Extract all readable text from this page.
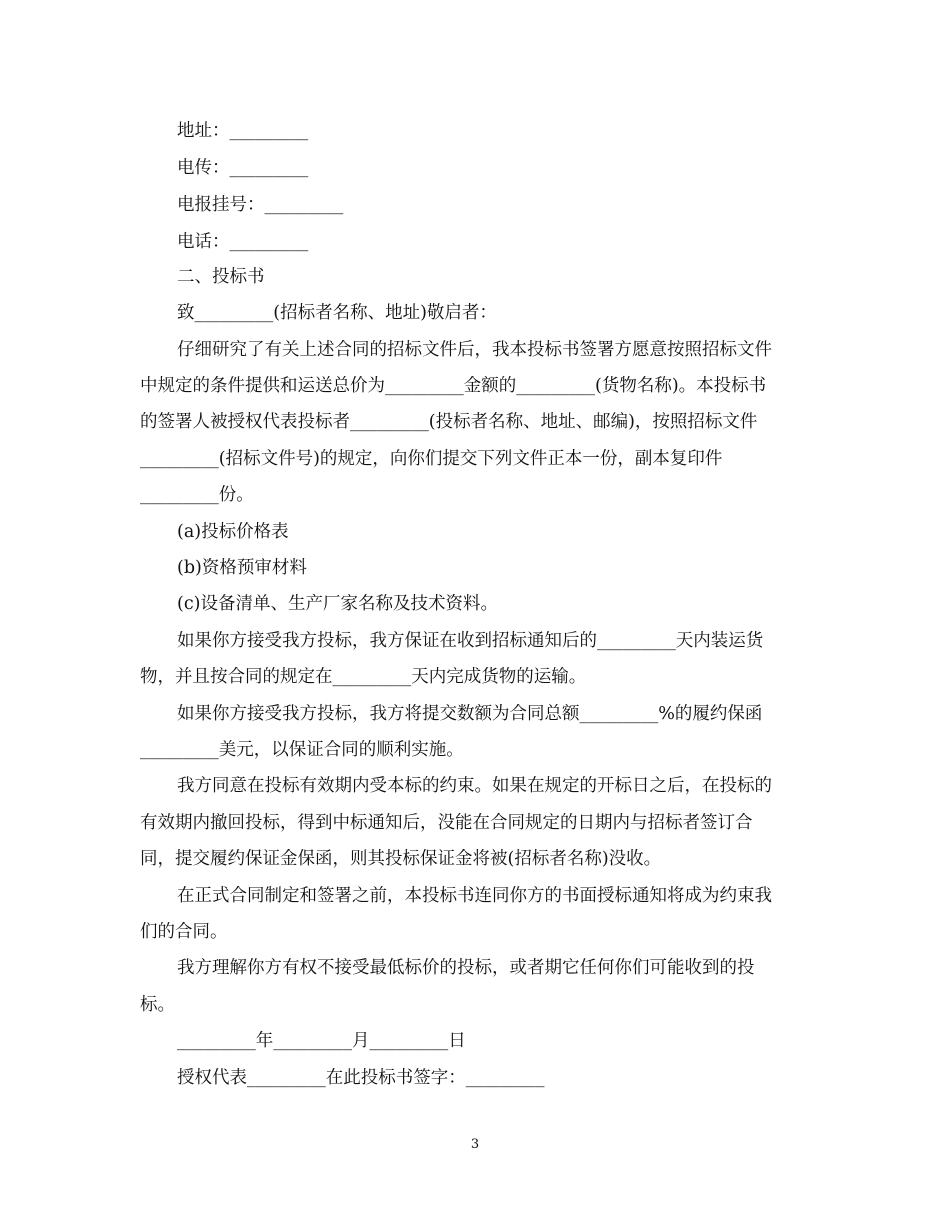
地址：_________
电传：_________
电报挂号：_________
电话：_________
二、投标书
致_________(招标者名称、地址)敬启者：
仔细研究了有关上述合同的招标文件后，我本投标书签署方愿意按照招标文件
中规定的条件提供和运送总价为_________金额的_________(货物名称)。本投标书
的签署人被授权代表投标者_________(投标者名称、地址、邮编)，按照招标文件
_________(招标文件号)的规定，向你们提交下列文件正本一份，副本复印件
_________份。
(a)投标价格表
(b)资格预审材料
(c)设备清单、生产厂家名称及技术资料。
如果你方接受我方投标，我方保证在收到招标通知后的_________天内装运货
物，并且按合同的规定在_________天内完成货物的运输。
如果你方接受我方投标，我方将提交数额为合同总额_________%的履约保函
_________美元，以保证合同的顺利实施。
我方同意在投标有效期内受本标的约束。如果在规定的开标日之后，在投标的
有效期内撤回投标，得到中标通知后，没能在合同规定的日期内与招标者签订合
同，提交履约保证金保函，则其投标保证金将被(招标者名称)没收。
在正式合同制定和签署之前，本投标书连同你方的书面授标通知将成为约束我
们的合同。
我方理解你方有权不接受最低标价的投标，或者期它任何你们可能收到的投
标。
_________年_________月_________日
授权代表_________在此投标书签字：_________
3
